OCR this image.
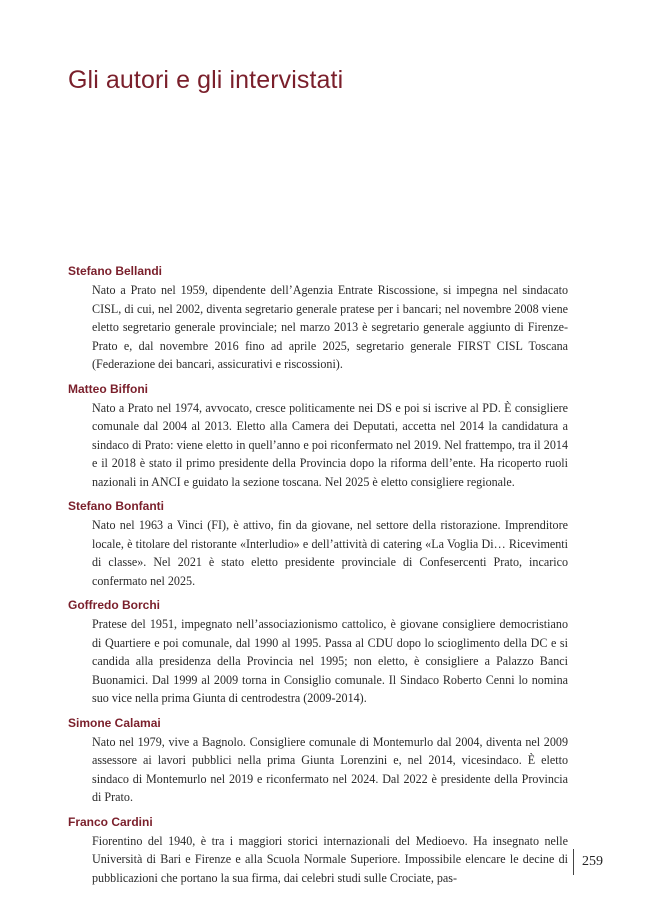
Gli autori e gli intervistati

Stefano Bellandi

Nato a Prato nel 1959, dipendente dell’Agenzia Entrate Riscossione, si impegna nel sindacato CISL, di cui, nel 2002, diventa segretario generale pratese per i bancari; nel novembre 2008 viene eletto segretario generale provinciale; nel marzo 2013 è segretario generale aggiunto di Firenze-Prato e, dal novembre 2016 fino ad aprile 2025, segretario generale FIRST CISL Toscana (Federazione dei bancari, assicurativi e riscossioni).

Matteo Biffoni

Nato a Prato nel 1974, avvocato, cresce politicamente nei DS e poi si iscrive al PD. È consigliere comunale dal 2004 al 2013. Eletto alla Camera dei Deputati, accetta nel 2014 la candidatura a sindaco di Prato: viene eletto in quell’anno e poi riconfermato nel 2019. Nel frattempo, tra il 2014 e il 2018 è stato il primo presidente della Provincia dopo la riforma dell’ente. Ha ricoperto ruoli nazionali in ANCI e guidato la sezione toscana. Nel 2025 è eletto consigliere regionale.

Stefano Bonfanti

Nato nel 1963 a Vinci (FI), è attivo, fin da giovane, nel settore della ristorazione. Imprenditore locale, è titolare del ristorante «Interludio» e dell’attività di catering «La Voglia Di… Ricevimenti di classe». Nel 2021 è stato eletto presidente provinciale di Confesercenti Prato, incarico confermato nel 2025.

Goffredo Borchi

Pratese del 1951, impegnato nell’associazionismo cattolico, è giovane consigliere democristiano di Quartiere e poi comunale, dal 1990 al 1995. Passa al CDU dopo lo scioglimento della DC e si candida alla presidenza della Provincia nel 1995; non eletto, è consigliere a Palazzo Banci Buonamici. Dal 1999 al 2009 torna in Consiglio comunale. Il Sindaco Roberto Cenni lo nomina suo vice nella prima Giunta di centrodestra (2009-2014).

Simone Calamai

Nato nel 1979, vive a Bagnolo. Consigliere comunale di Montemurlo dal 2004, diventa nel 2009 assessore ai lavori pubblici nella prima Giunta Lorenzini e, nel 2014, vicesindaco. È eletto sindaco di Montemurlo nel 2019 e riconfermato nel 2024. Dal 2022 è presidente della Provincia di Prato.

Franco Cardini

Fiorentino del 1940, è tra i maggiori storici internazionali del Medioevo. Ha insegnato nelle Università di Bari e Firenze e alla Scuola Normale Superiore. Impossibile elencare le decine di pubblicazioni che portano la sua firma, dai celebri studi sulle Crociate, pas-

259
